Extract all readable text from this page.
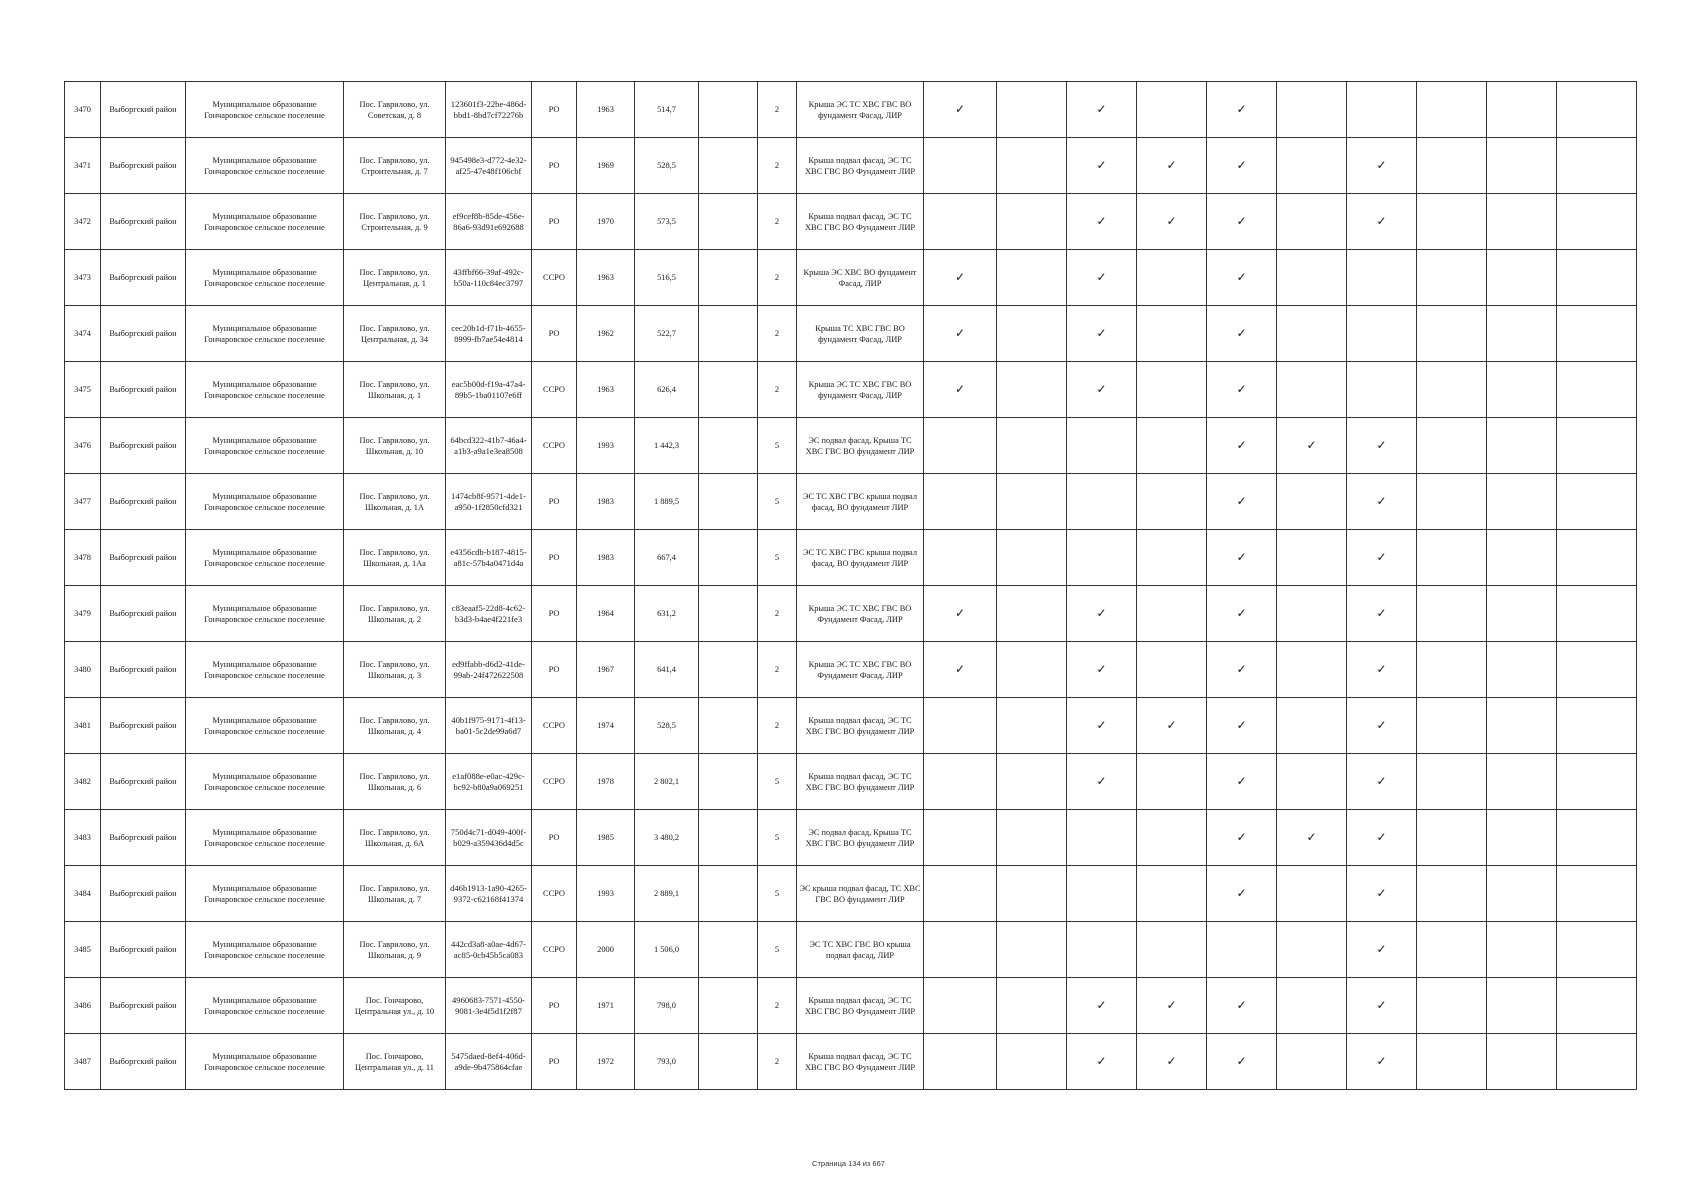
3470	Выборгский район	Муниципальное образование Гончаровское сельское поселение	Пос. Гаврилово, ул. Советская, д. 8	123601f3-22be-486d-bbd1-8bd7cf72276b	РО	1963	514,7		2	Крыша ЭС ТС ХВС ГВС ВО фундамент Фасад, ЛИР	✓		✓		✓					
3471	Выборгский район	Муниципальное образование Гончаровское сельское поселение	Пос. Гаврилово, ул. Строительная, д. 7	945498e3-d772-4e32-af25-47e48f106cbf	РО	1969	528,5		2	Крыша подвал фасад, ЭС ТС ХВС ГВС ВО Фундамент ЛИР			✓	✓	✓		✓			
3472	Выборгский район	Муниципальное образование Гончаровское сельское поселение	Пос. Гаврилово, ул. Строительная, д. 9	ef9cef8b-85de-456e-86a6-93d91e692688	РО	1970	573,5		2	Крыша подвал фасад, ЭС ТС ХВС ГВС ВО Фундамент ЛИР			✓	✓	✓		✓			
3473	Выборгский район	Муниципальное образование Гончаровское сельское поселение	Пос. Гаврилово, ул. Центральная, д. 1	43ffbf66-39af-492c-b50a-110c84ec3797	ССРО	1963	516,5		2	Крыша ЭС ХВС ВО фундамент Фасад, ЛИР	✓		✓		✓					
3474	Выборгский район	Муниципальное образование Гончаровское сельское поселение	Пос. Гаврилово, ул. Центральная, д. 34	cec20b1d-f71b-4655-8999-fb7ae54e4814	РО	1962	522,7		2	Крыша ТС ХВС ГВС ВО фундамент Фасад, ЛИР	✓		✓		✓					
3475	Выборгский район	Муниципальное образование Гончаровское сельское поселение	Пос. Гаврилово, ул. Школьная, д. 1	eac5b00d-f19a-47a4-89b5-1ba01107e6ff	ССРО	1963	626,4		2	Крыша ЭС ТС ХВС ГВС ВО фундамент Фасад, ЛИР	✓		✓		✓					
3476	Выборгский район	Муниципальное образование Гончаровское сельское поселение	Пос. Гаврилово, ул. Школьная, д. 10	64bcd322-41b7-46a4-a1b3-a9a1e3ea8508	ССРО	1993	1 442,3		5	ЭС подвал фасад, Крыша ТС ХВС ГВС ВО фундамент ЛИР					✓	✓	✓			
3477	Выборгский район	Муниципальное образование Гончаровское сельское поселение	Пос. Гаврилово, ул. Школьная, д. 1А	1474cb8f-9571-4de1-a950-1f2850cfd321	РО	1983	1 889,5		5	ЭС ТС ХВС ГВС крыша подвал фасад, ВО фундамент ЛИР					✓		✓			
3478	Выборгский район	Муниципальное образование Гончаровское сельское поселение	Пос. Гаврилово, ул. Школьная, д. 1Аа	e4356cdb-b187-4815-a81c-57b4a0471d4a	РО	1983	667,4		5	ЭС ТС ХВС ГВС крыша подвал фасад, ВО фундамент ЛИР					✓		✓			
3479	Выборгский район	Муниципальное образование Гончаровское сельское поселение	Пос. Гаврилово, ул. Школьная, д. 2	c83eaaf5-22d8-4c62-b3d3-b4ae4f221fe3	РО	1964	631,2		2	Крыша ЭС ТС ХВС ГВС ВО Фундамент Фасад, ЛИР	✓		✓		✓		✓			
3480	Выборгский район	Муниципальное образование Гончаровское сельское поселение	Пос. Гаврилово, ул. Школьная, д. 3	ed9ffabb-d6d2-41de-99ab-24f472622508	РО	1967	641,4		2	Крыша ЭС ТС ХВС ГВС ВО Фундамент Фасад, ЛИР	✓		✓		✓		✓			
3481	Выборгский район	Муниципальное образование Гончаровское сельское поселение	Пос. Гаврилово, ул. Школьная, д. 4	40b1f975-9171-4f13-ba01-5c2de99a6d7	ССРО	1974	528,5		2	Крыша подвал фасад, ЭС ТС ХВС ГВС ВО фундамент ЛИР			✓	✓	✓		✓			
3482	Выборгский район	Муниципальное образование Гончаровское сельское поселение	Пос. Гаврилово, ул. Школьная, д. 6	e1af088e-e0ac-429c-bc92-b80a9a069251	ССРО	1978	2 802,1		5	Крыша подвал фасад, ЭС ТС ХВС ГВС ВО фундамент ЛИР			✓		✓		✓			
3483	Выборгский район	Муниципальное образование Гончаровское сельское поселение	Пос. Гаврилово, ул. Школьная, д. 6А	750d4c71-d049-400f-b029-a359436d4d5c	РО	1985	3 480,2		5	ЭС подвал фасад, Крыша ТС ХВС ГВС ВО фундамент ЛИР					✓	✓	✓			
3484	Выборгский район	Муниципальное образование Гончаровское сельское поселение	Пос. Гаврилово, ул. Школьная, д. 7	d46b1913-1a90-4265-9372-c62168f41374	ССРО	1993	2 889,1		5	ЭС крыша подвал фасад, ТС ХВС ГВС ВО фундамент ЛИР					✓		✓			
3485	Выборгский район	Муниципальное образование Гончаровское сельское поселение	Пос. Гаврилово, ул. Школьная, д. 9	442cd3a8-a0ae-4d67-ac85-0cb45b5ca083	ССРО	2000	1 506,0		5	ЭС ТС ХВС ГВС ВО крыша подвал фасад, ЛИР							✓			
3486	Выборгский район	Муниципальное образование Гончаровское сельское поселение	Пос. Гончарово, Центральная ул., д. 10	4960683-7571-4550-9081-3e4f5d1f2f87	РО	1971	798,0		2	Крыша подвал фасад, ЭС ТС ХВС ГВС ВО Фундамент ЛИР			✓	✓	✓		✓			
3487	Выборгский район	Муниципальное образование Гончаровское сельское поселение	Пос. Гончарово, Центральная ул., д. 11	5475daed-8ef4-406d-a9de-9b475864cfae	РО	1972	793,0		2	Крыша подвал фасад, ЭС ТС ХВС ГВС ВО Фундамент ЛИР			✓	✓	✓		✓			
Страница 134 из 667
